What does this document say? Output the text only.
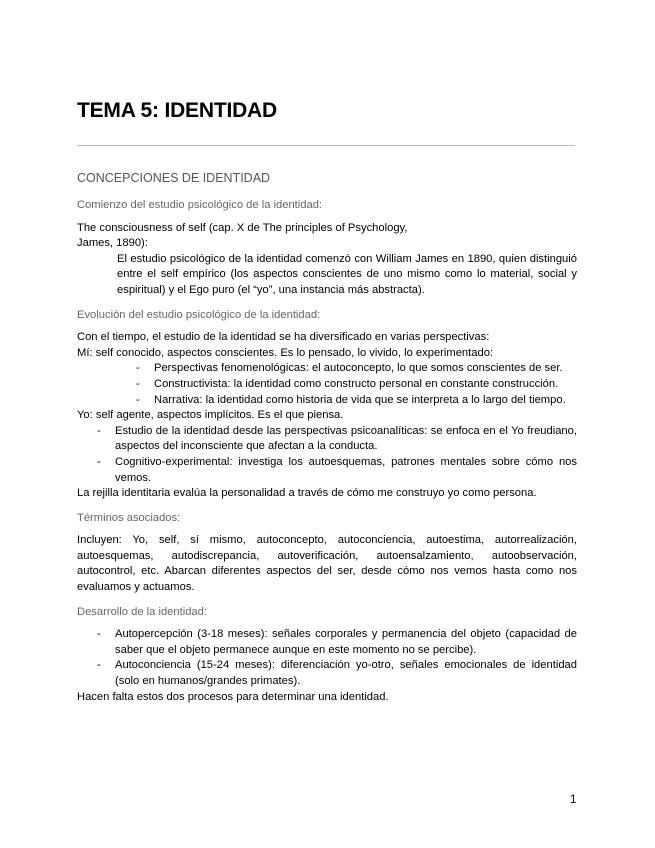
TEMA 5: IDENTIDAD
CONCEPCIONES DE IDENTIDAD
Comienzo del estudio psicológico de la identidad:
The consciousness of self (cap. X de The principles of Psychology,
James, 1890):
El estudio psicológico de la identidad comenzó con William James en 1890, quien distinguió entre el self empírico (los aspectos conscientes de uno mismo como lo material, social y espiritual) y el Ego puro (el “yo”, una instancia más abstracta).
Evolución del estudio psicológico de la identidad:
Con el tiempo, el estudio de la identidad se ha diversificado en varias perspectivas:
Mí: self conocido, aspectos conscientes. Es lo pensado, lo vivido, lo experimentado:
- Perspectivas fenomenológicas: el autoconcepto, lo que somos conscientes de ser.
- Constructivista: la identidad como constructo personal en constante construcción.
- Narrativa: la identidad como historia de vida que se interpreta a lo largo del tiempo.
Yo: self agente, aspectos implícitos. Es el que piensa.
- Estudio de la identidad desde las perspectivas psicoanalíticas: se enfoca en el Yo freudiano, aspectos del inconsciente que afectan a la conducta.
- Cognitivo-experimental: investiga los autoesquemas, patrones mentales sobre cómo nos vemos.
La rejilla identitaria evalúa la personalidad a través de cómo me construyo yo como persona.
Términos asociados:
Incluyen: Yo, self, sí mismo, autoconcepto, autoconciencia, autoestima, autorrealización, autoesquemas, autodiscrepancia, autoverificación, autoensalzamiento, autoobservación, autocontrol, etc. Abarcan diferentes aspectos del ser, desde cómo nos vemos hasta como nos evaluamos y actuamos.
Desarrollo de la identidad:
- Autopercepción (3-18 meses): señales corporales y permanencia del objeto (capacidad de saber que el objeto permanece aunque en este momento no se percibe).
- Autoconciencia (15-24 meses): diferenciación yo-otro, señales emocionales de identidad (solo en humanos/grandes primates).
Hacen falta estos dos procesos para determinar una identidad.
1
